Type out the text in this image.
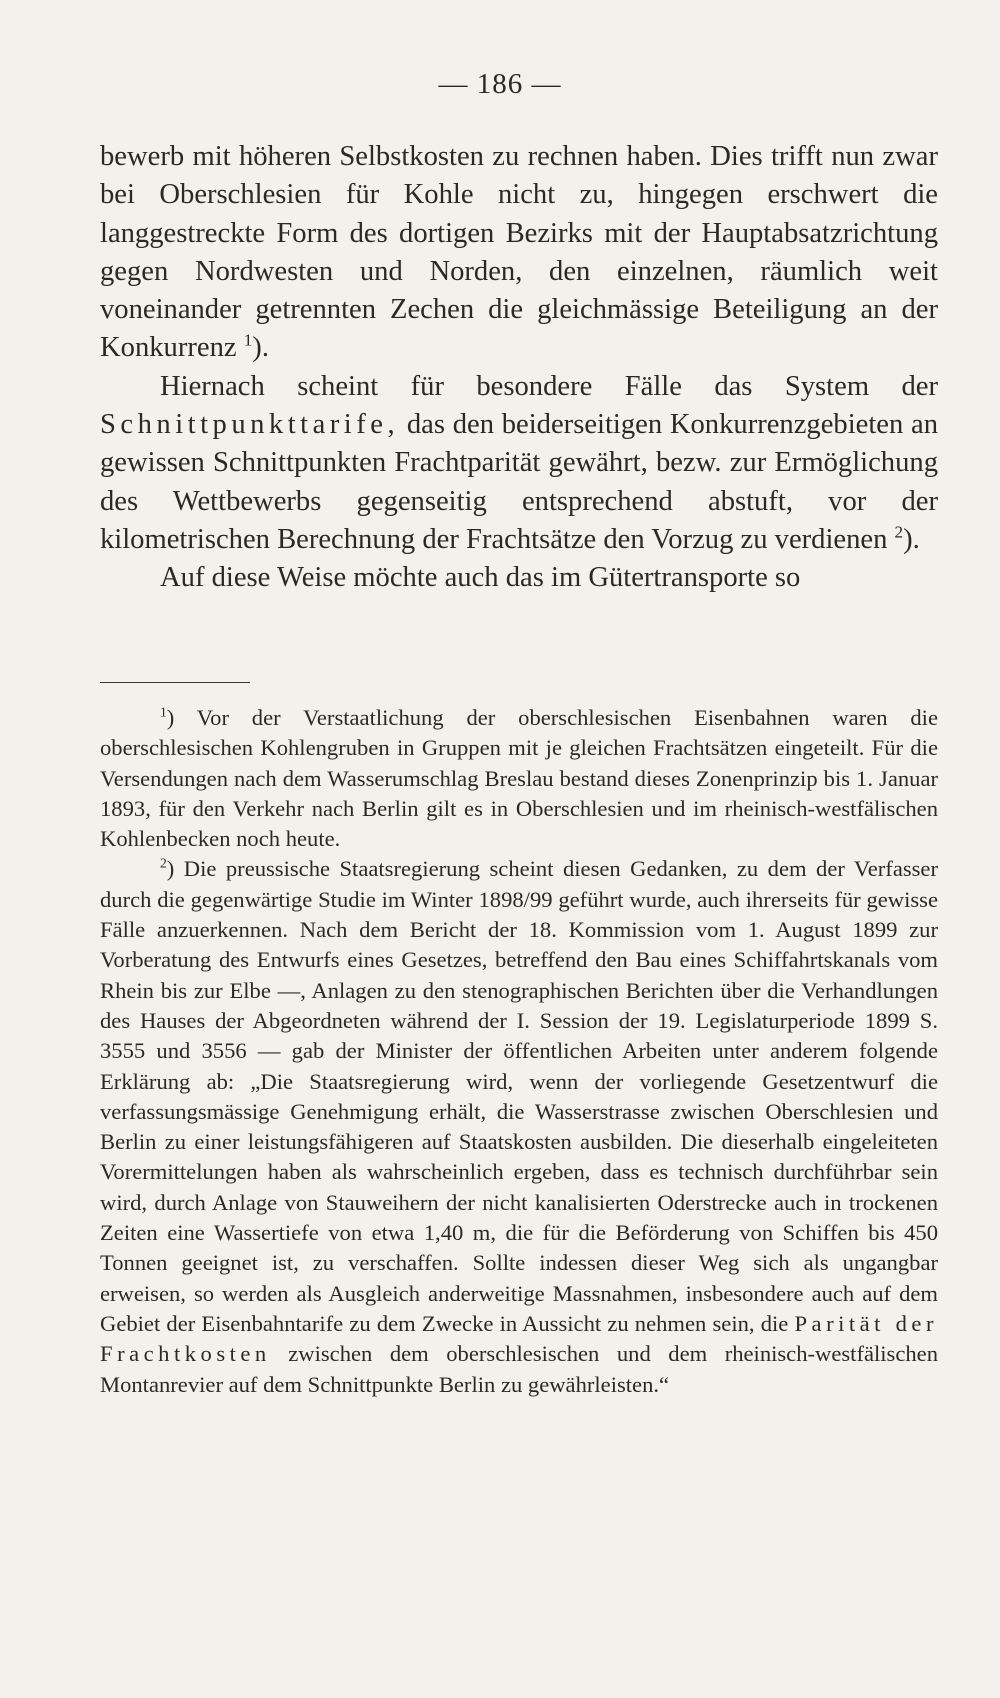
— 186 —

bewerb mit höheren Selbstkosten zu rechnen haben. Dies trifft nun zwar bei Oberschlesien für Kohle nicht zu, hingegen erschwert die langgestreckte Form des dortigen Bezirks mit der Hauptabsatzrichtung gegen Nordwesten und Norden, den einzelnen, räumlich weit voneinander getrennten Zechen die gleichmässige Beteiligung an der Konkurrenz $^1$).

Hiernach scheint für besondere Fälle das System der Schnittpunkttarife, das den beiderseitigen Konkurrenzgebieten an gewissen Schnittpunkten Frachtparität gewährt, bezw. zur Ermöglichung des Wettbewerbs gegenseitig entsprechend abstuft, vor der kilometrischen Berechnung der Frachtsätze den Vorzug zu verdienen $^2$).

Auf diese Weise möchte auch das im Gütertransporte so

$^1$) Vor der Verstaatlichung der oberschlesischen Eisenbahnen waren die oberschlesischen Kohlengruben in Gruppen mit je gleichen Frachtsätzen eingeteilt. Für die Versendungen nach dem Wasserumschlag Breslau bestand dieses Zonenprinzip bis 1. Januar 1893, für den Verkehr nach Berlin gilt es in Oberschlesien und im rheinisch-westfälischen Kohlenbecken noch heute.

$^2$) Die preussische Staatsregierung scheint diesen Gedanken, zu dem der Verfasser durch die gegenwärtige Studie im Winter 1898/99 geführt wurde, auch ihrerseits für gewisse Fälle anzuerkennen. Nach dem Bericht der 18. Kommission vom 1. August 1899 zur Vorberatung des Entwurfs eines Gesetzes, betreffend den Bau eines Schiffahrtskanals vom Rhein bis zur Elbe —, Anlagen zu den stenographischen Berichten über die Verhandlungen des Hauses der Abgeordneten während der I. Session der 19. Legislaturperiode 1899 S. 3555 und 3556 — gab der Minister der öffentlichen Arbeiten unter anderem folgende Erklärung ab: „Die Staatsregierung wird, wenn der vorliegende Gesetzentwurf die verfassungsmässige Genehmigung erhält, die Wasserstrasse zwischen Oberschlesien und Berlin zu einer leistungsfähigeren auf Staatskosten ausbilden. Die dieserhalb eingeleiteten Vorermittelungen haben als wahrscheinlich ergeben, dass es technisch durchführbar sein wird, durch Anlage von Stauweihern der nicht kanalisierten Oderstrecke auch in trockenen Zeiten eine Wassertiefe von etwa 1,40 m, die für die Beförderung von Schiffen bis 450 Tonnen geeignet ist, zu verschaffen. Sollte indessen dieser Weg sich als ungangbar erweisen, so werden als Ausgleich anderweitige Massnahmen, insbesondere auch auf dem Gebiet der Eisenbahntarife zu dem Zwecke in Aussicht zu nehmen sein, die Parität der Frachtkosten zwischen dem oberschlesischen und dem rheinisch-westfälischen Montanrevier auf dem Schnittpunkte Berlin zu gewährleisten.“
